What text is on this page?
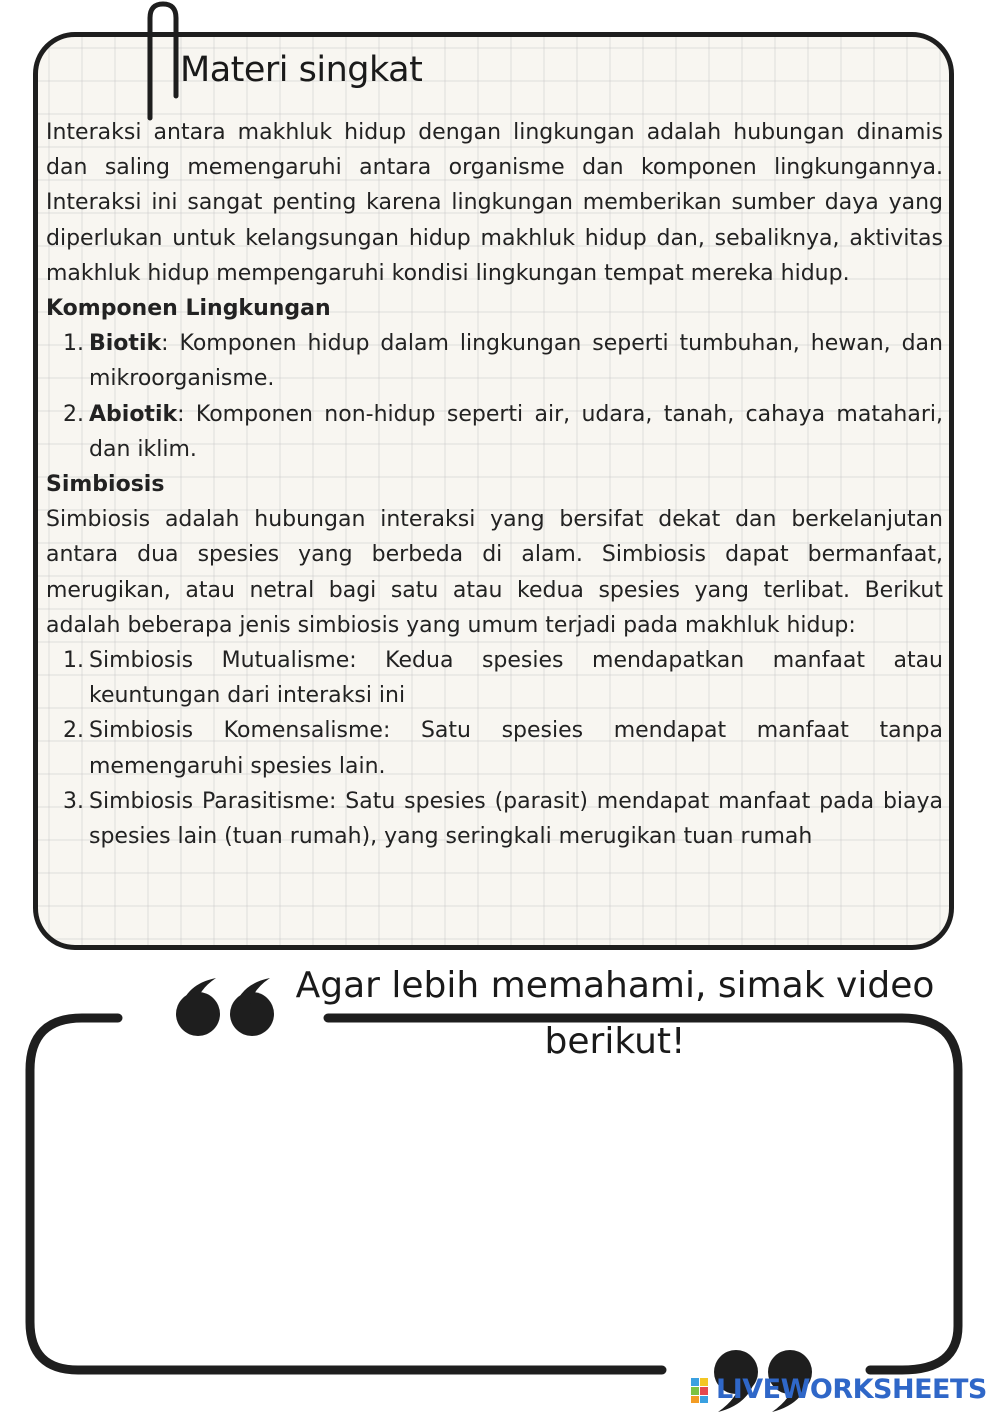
Materi singkat

Interaksi antara makhluk hidup dengan lingkungan adalah hubungan dinamis dan saling memengaruhi antara organisme dan komponen lingkungannya. Interaksi ini sangat penting karena lingkungan memberikan sumber daya yang diperlukan untuk kelangsungan hidup makhluk hidup dan, sebaliknya, aktivitas makhluk hidup mempengaruhi kondisi lingkungan tempat mereka hidup.

Komponen Lingkungan

1. Biotik: Komponen hidup dalam lingkungan seperti tumbuhan, hewan, dan mikroorganisme.
2. Abiotik: Komponen non-hidup seperti air, udara, tanah, cahaya matahari, dan iklim.

Simbiosis

Simbiosis adalah hubungan interaksi yang bersifat dekat dan berkelanjutan antara dua spesies yang berbeda di alam. Simbiosis dapat bermanfaat, merugikan, atau netral bagi satu atau kedua spesies yang terlibat. Berikut adalah beberapa jenis simbiosis yang umum terjadi pada makhluk hidup:

1. Simbiosis Mutualisme: Kedua spesies mendapatkan manfaat atau keuntungan dari interaksi ini
2. Simbiosis Komensalisme: Satu spesies mendapat manfaat tanpa memengaruhi spesies lain.
3. Simbiosis Parasitisme: Satu spesies (parasit) mendapat manfaat pada biaya spesies lain (tuan rumah), yang seringkali merugikan tuan rumah

Agar lebih memahami, simak video berikut!

LIVEWORKSHEETS
